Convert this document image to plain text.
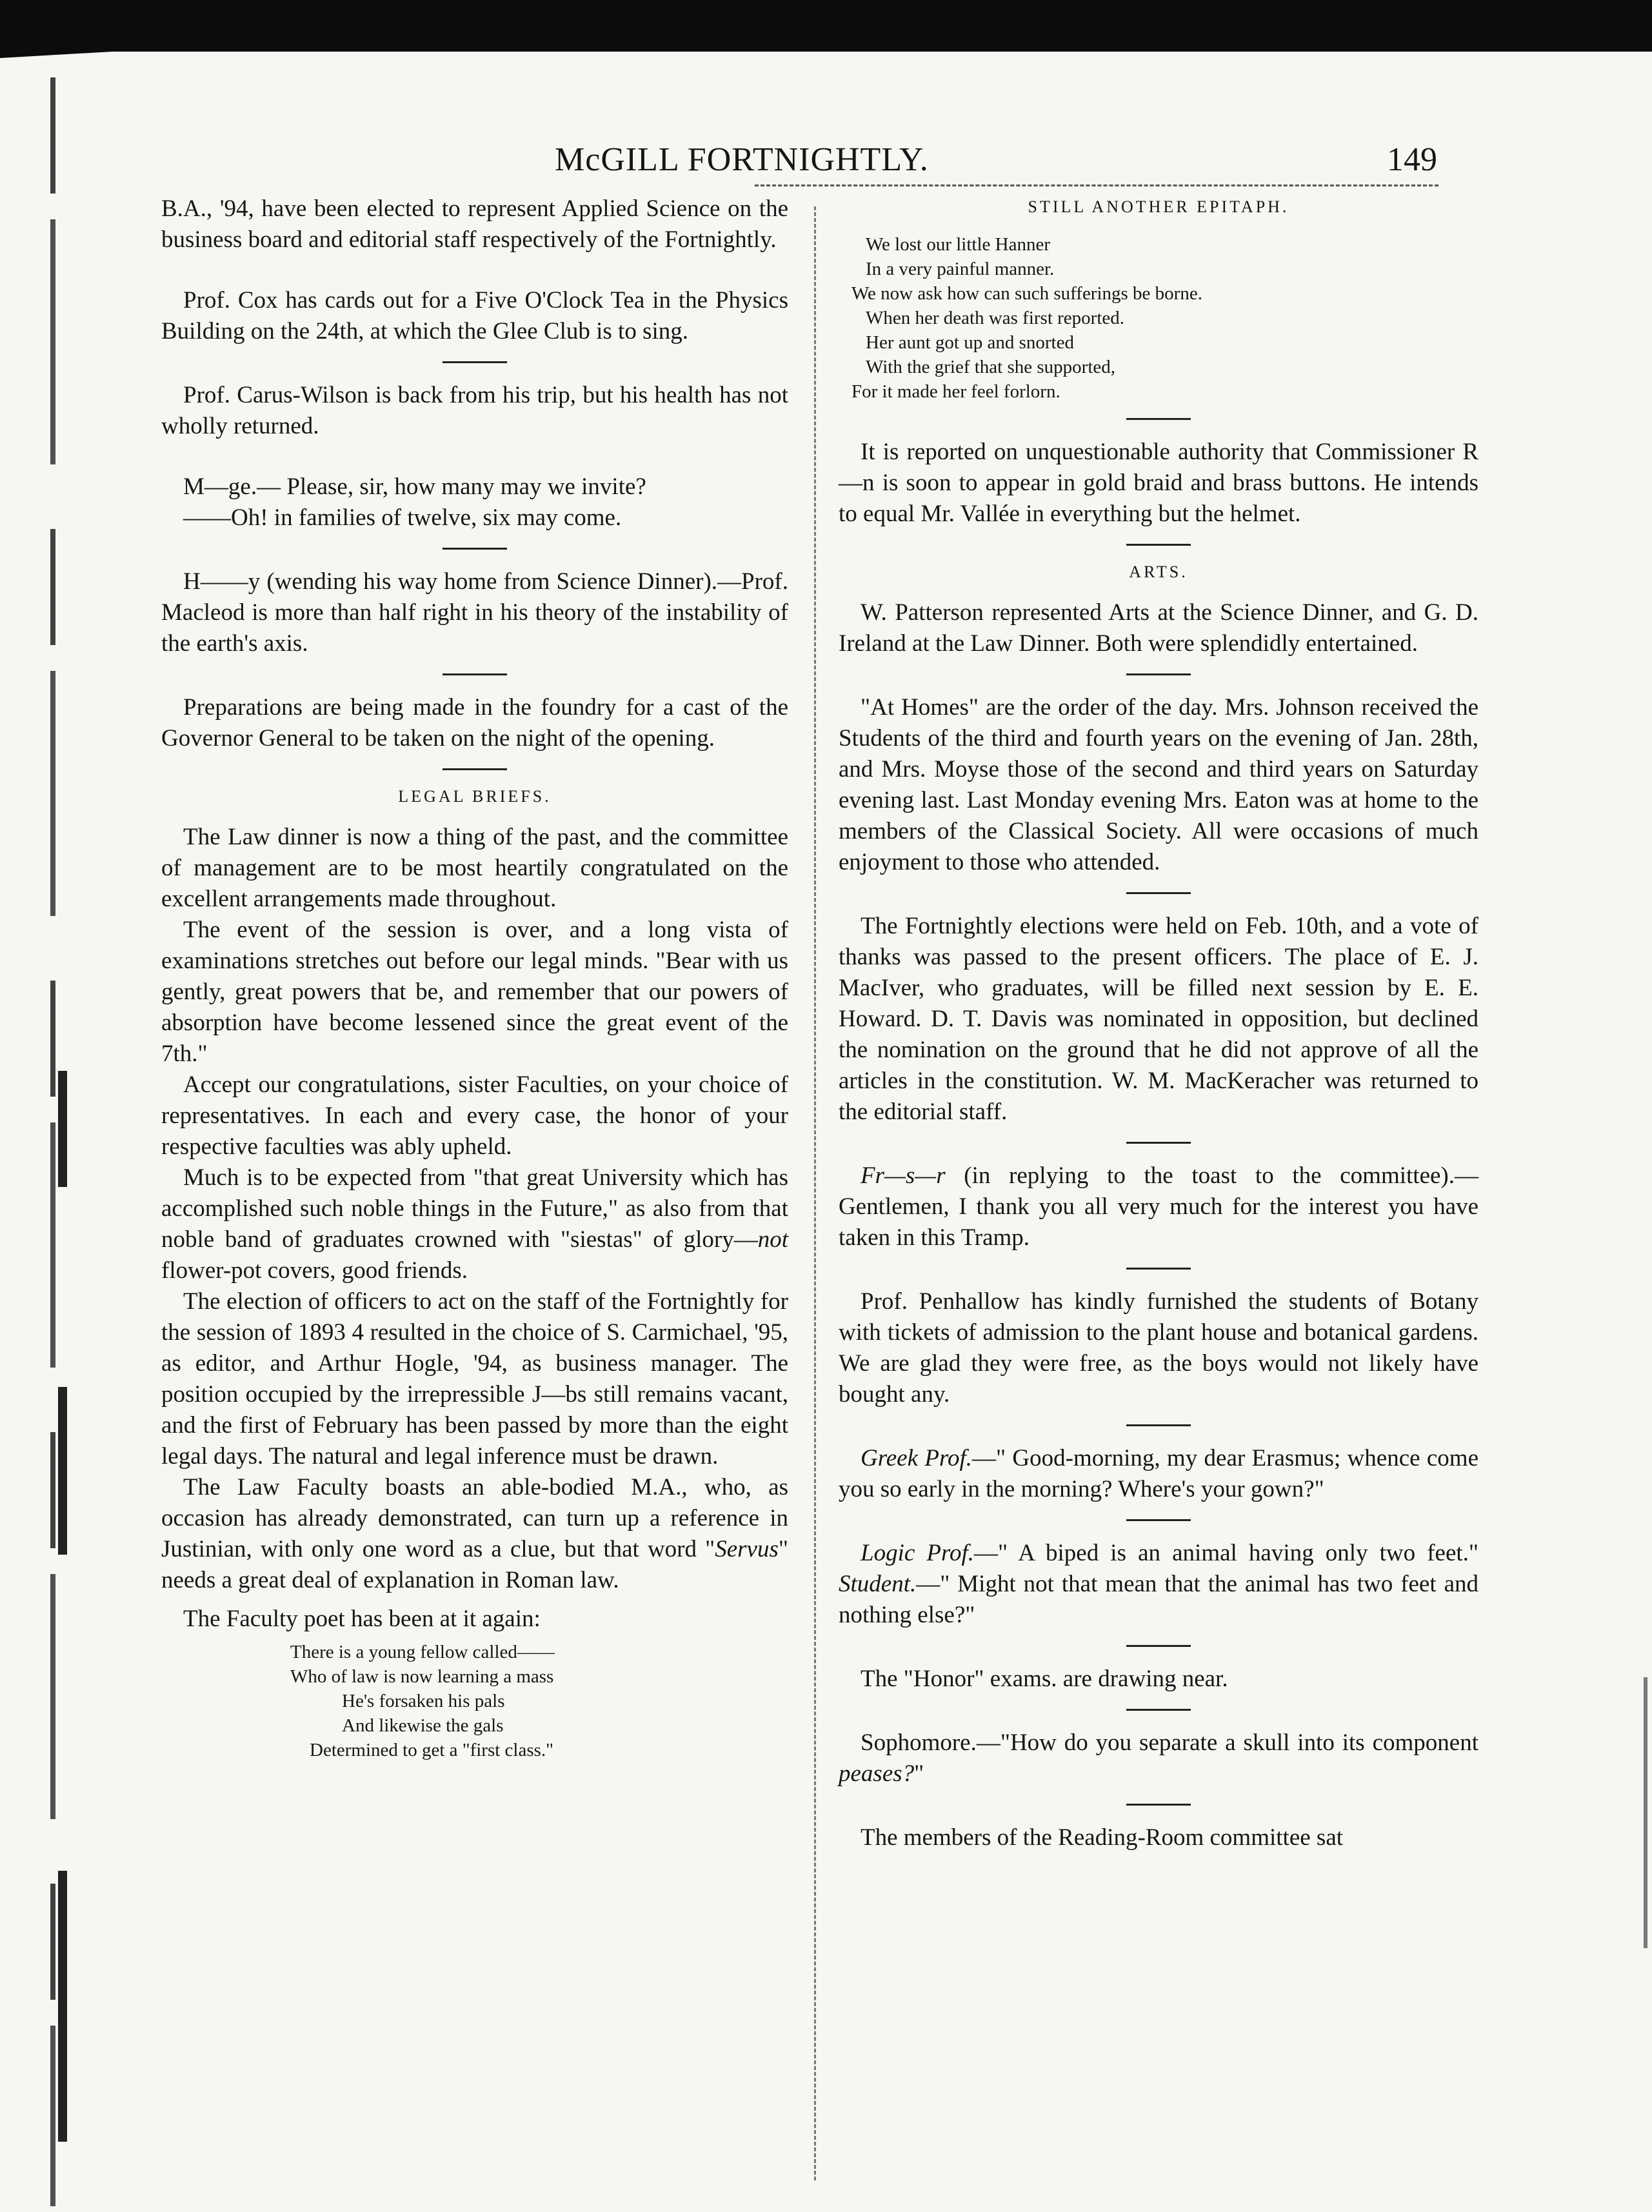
McGILL FORTNIGHTLY.	149

B.A., '94, have been elected to represent Applied Science on the business board and editorial staff respectively of the Fortnightly.

Prof. Cox has cards out for a Five O'Clock Tea in the Physics Building on the 24th, at which the Glee Club is to sing.

Prof. Carus-Wilson is back from his trip, but his health has not wholly returned.

M—ge.— Please, sir, how many may we invite?

——Oh! in families of twelve, six may come.

H——y (wending his way home from Science Dinner).—Prof. Macleod is more than half right in his theory of the instability of the earth's axis.

Preparations are being made in the foundry for a cast of the Governor General to be taken on the night of the opening.

LEGAL BRIEFS.

The Law dinner is now a thing of the past, and the committee of management are to be most heartily congratulated on the excellent arrangements made throughout.

The event of the session is over, and a long vista of examinations stretches out before our legal minds. "Bear with us gently, great powers that be, and remember that our powers of absorption have become lessened since the great event of the 7th."

Accept our congratulations, sister Faculties, on your choice of representatives. In each and every case, the honor of your respective faculties was ably upheld.

Much is to be expected from "that great University which has accomplished such noble things in the Future," as also from that noble band of graduates crowned with "siestas" of glory—not flower-pot covers, good friends.

The election of officers to act on the staff of the Fortnightly for the session of 1893 4 resulted in the choice of S. Carmichael, '95, as editor, and Arthur Hogle, '94, as business manager. The position occupied by the irrepressible J—bs still remains vacant, and the first of February has been passed by more than the eight legal days. The natural and legal inference must be drawn.

The Law Faculty boasts an able-bodied M.A., who, as occasion has already demonstrated, can turn up a reference in Justinian, with only one word as a clue, but that word "Servus" needs a great deal of explanation in Roman law.

The Faculty poet has been at it again:

There is a young fellow called——
Who of law is now learning a mass
He's forsaken his pals
And likewise the gals
Determined to get a "first class."
STILL ANOTHER EPITAPH.
We lost our little Hanner
In a very painful manner.
We now ask how can such sufferings be borne.
When her death was first reported.
Her aunt got up and snorted
With the grief that she supported,
For it made her feel forlorn.

It is reported on unquestionable authority that Commissioner R—n is soon to appear in gold braid and brass buttons. He intends to equal Mr. Vallée in everything but the helmet.

ARTS.

W. Patterson represented Arts at the Science Dinner, and G. D. Ireland at the Law Dinner. Both were splendidly entertained.

"At Homes" are the order of the day. Mrs. Johnson received the Students of the third and fourth years on the evening of Jan. 28th, and Mrs. Moyse those of the second and third years on Saturday evening last. Last Monday evening Mrs. Eaton was at home to the members of the Classical Society. All were occasions of much enjoyment to those who attended.

The Fortnightly elections were held on Feb. 10th, and a vote of thanks was passed to the present officers. The place of E. J. MacIver, who graduates, will be filled next session by E. E. Howard. D. T. Davis was nominated in opposition, but declined the nomination on the ground that he did not approve of all the articles in the constitution. W. M. MacKeracher was returned to the editorial staff.

Fr—s—r (in replying to the toast to the committee).—Gentlemen, I thank you all very much for the interest you have taken in this Tramp.

Prof. Penhallow has kindly furnished the students of Botany with tickets of admission to the plant house and botanical gardens. We are glad they were free, as the boys would not likely have bought any.

Greek Prof.—" Good-morning, my dear Erasmus; whence come you so early in the morning? Where's your gown?"

Logic Prof.—" A biped is an animal having only two feet." Student.—" Might not that mean that the animal has two feet and nothing else?"

The "Honor" exams. are drawing near.

Sophomore.—"How do you separate a skull into its component peases?"

The members of the Reading-Room committee sat
